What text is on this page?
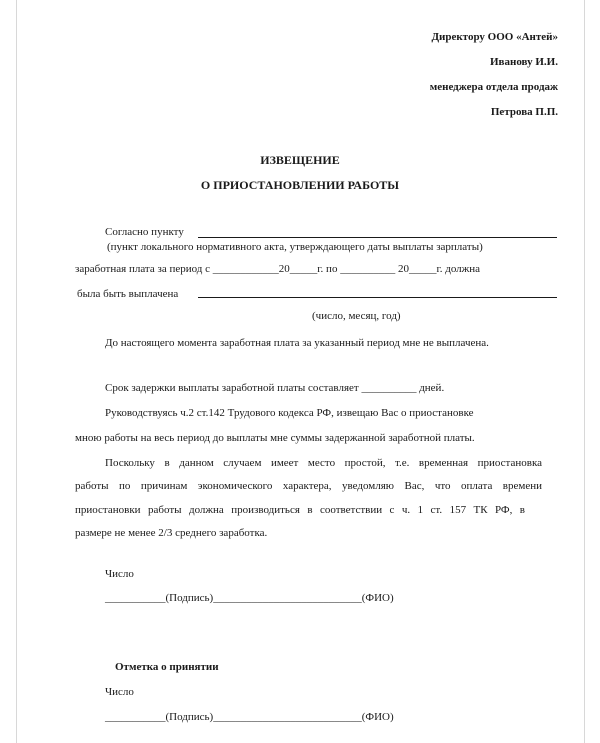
Директору ООО «Антей»
Иванову И.И.
менеджера отдела продаж
Петрова П.П.
ИЗВЕЩЕНИЕ
О ПРИОСТАНОВЛЕНИИ РАБОТЫ
Согласно пункту
(пункт локального нормативного акта, утверждающего даты выплаты зарплаты)
заработная плата за период с ____________20_____г. по __________ 20_____г. должна
была быть выплачена
(число, месяц, год)
До настоящего момента заработная плата за указанный период мне не выплачена.
Срок задержки выплаты заработной платы составляет __________ дней.
Руководствуясь ч.2 ст.142 Трудового кодекса РФ, извещаю Вас о приостановке
мною работы на весь период до выплаты мне суммы задержанной заработной платы.
Поскольку в данном случаем имеет место простой, т.е. временная приостановка
работы по причинам экономического характера, уведомляю Вас, что оплата времени
приостановки работы должна производиться в соответствии с ч. 1 ст. 157 ТК РФ, в
размере не менее 2/3 среднего заработка.
Число
___________(Подпись)___________________________(ФИО)
Отметка о принятии
Число
___________(Подпись)___________________________(ФИО)
